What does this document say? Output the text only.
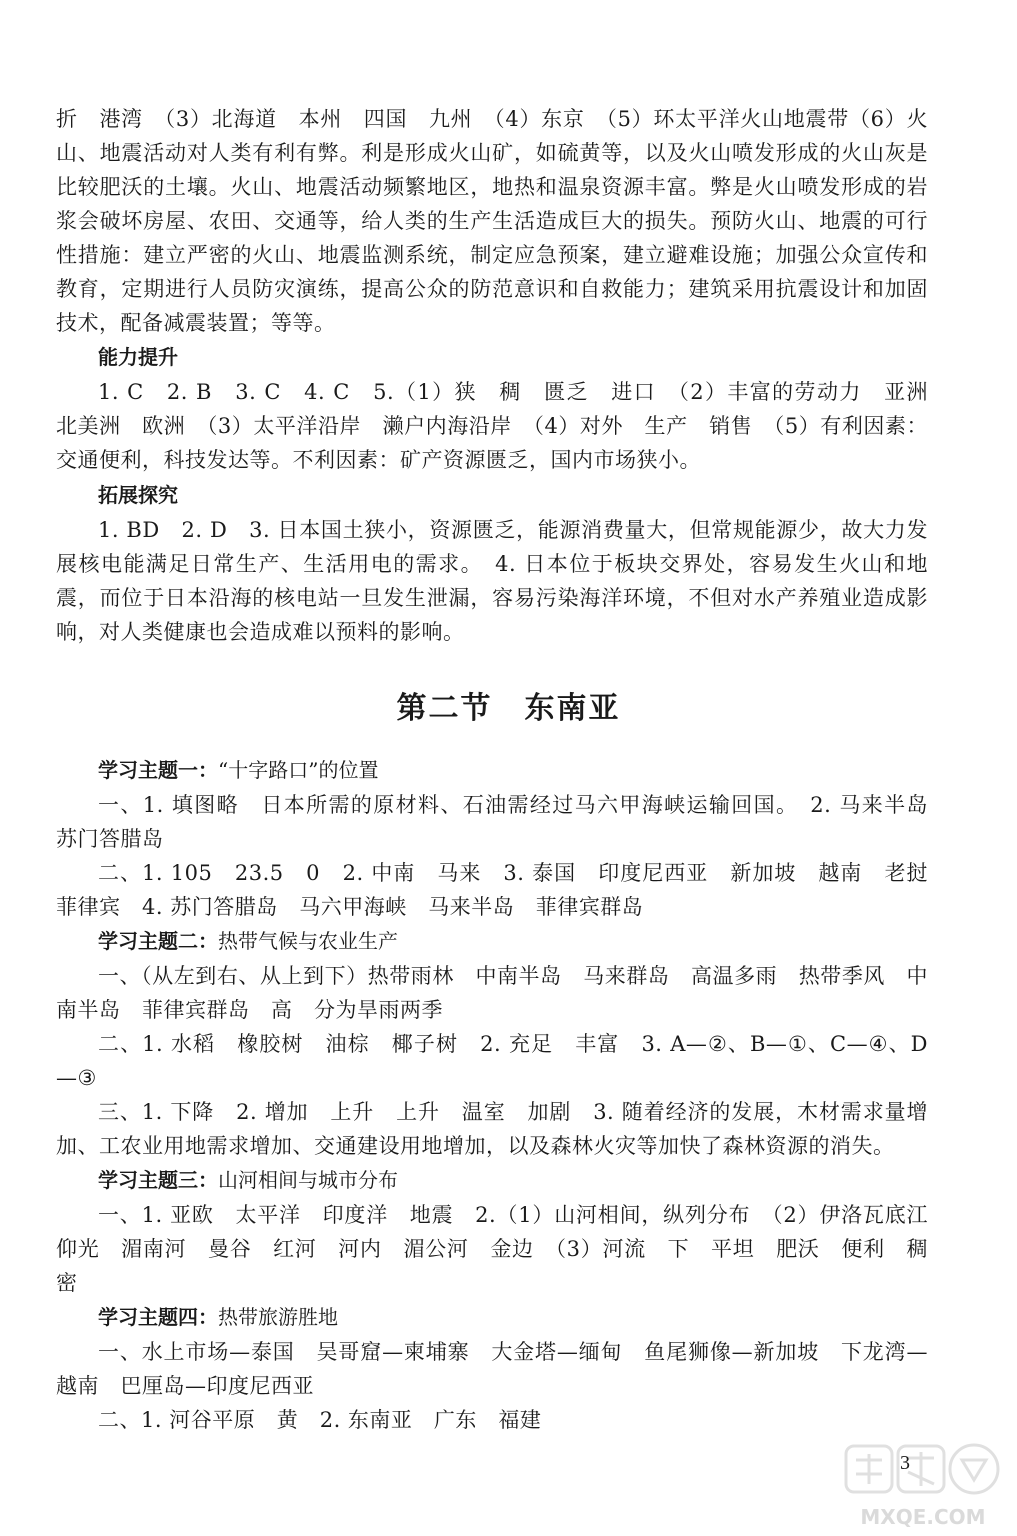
折　港湾　（3）北海道　本州　四国　九州　（4）东京　（5）环太平洋火山地震带（6）火山、地震活动对人类有利有弊。利是形成火山矿，如硫黄等，以及火山喷发形成的火山灰是比较肥沃的土壤。火山、地震活动频繁地区，地热和温泉资源丰富。弊是火山喷发形成的岩浆会破坏房屋、农田、交通等，给人类的生产生活造成巨大的损失。预防火山、地震的可行性措施：建立严密的火山、地震监测系统，制定应急预案，建立避难设施；加强公众宣传和教育，定期进行人员防灾演练，提高公众的防范意识和自救能力；建筑采用抗震设计和加固技术，配备减震装置；等等。

能力提升

1. C　2. B　3. C　4. C　5.（1）狭　稠　匮乏　进口　（2）丰富的劳动力　亚洲　北美洲　欧洲　（3）太平洋沿岸　濑户内海沿岸　（4）对外　生产　销售　（5）有利因素：交通便利，科技发达等。不利因素：矿产资源匮乏，国内市场狭小。

拓展探究

1. BD　2. D　3. 日本国土狭小，资源匮乏，能源消费量大，但常规能源少，故大力发展核电能满足日常生产、生活用电的需求。　4. 日本位于板块交界处，容易发生火山和地震，而位于日本沿海的核电站一旦发生泄漏，容易污染海洋环境，不但对水产养殖业造成影响，对人类健康也会造成难以预料的影响。

第二节　东南亚

学习主题一：“十字路口”的位置

一、1. 填图略　日本所需的原材料、石油需经过马六甲海峡运输回国。　2. 马来半岛　苏门答腊岛

二、1. 105　23.5　0　2. 中南　马来　3. 泰国　印度尼西亚　新加坡　越南　老挝　菲律宾　4. 苏门答腊岛　马六甲海峡　马来半岛　菲律宾群岛

学习主题二：热带气候与农业生产

一、（从左到右、从上到下）热带雨林　中南半岛　马来群岛　高温多雨　热带季风　中南半岛　菲律宾群岛　高　分为旱雨两季

二、1. 水稻　橡胶树　油棕　椰子树　2. 充足　丰富　3. A—②、B—①、C—④、D—③

三、1. 下降　2. 增加　上升　上升　温室　加剧　3. 随着经济的发展，木材需求量增加、工农业用地需求增加、交通建设用地增加，以及森林火灾等加快了森林资源的消失。

学习主题三：山河相间与城市分布

一、1. 亚欧　太平洋　印度洋　地震　2.（1）山河相间，纵列分布　（2）伊洛瓦底江　仰光　湄南河　曼谷　红河　河内　湄公河　金边　（3）河流　下　平坦　肥沃　便利　稠密

学习主题四：热带旅游胜地

一、水上市场—泰国　吴哥窟—柬埔寨　大金塔—缅甸　鱼尾狮像—新加坡　下龙湾—越南　巴厘岛—印度尼西亚

二、1. 河谷平原　黄　2. 东南亚　广东　福建

MXQE.COM
3
